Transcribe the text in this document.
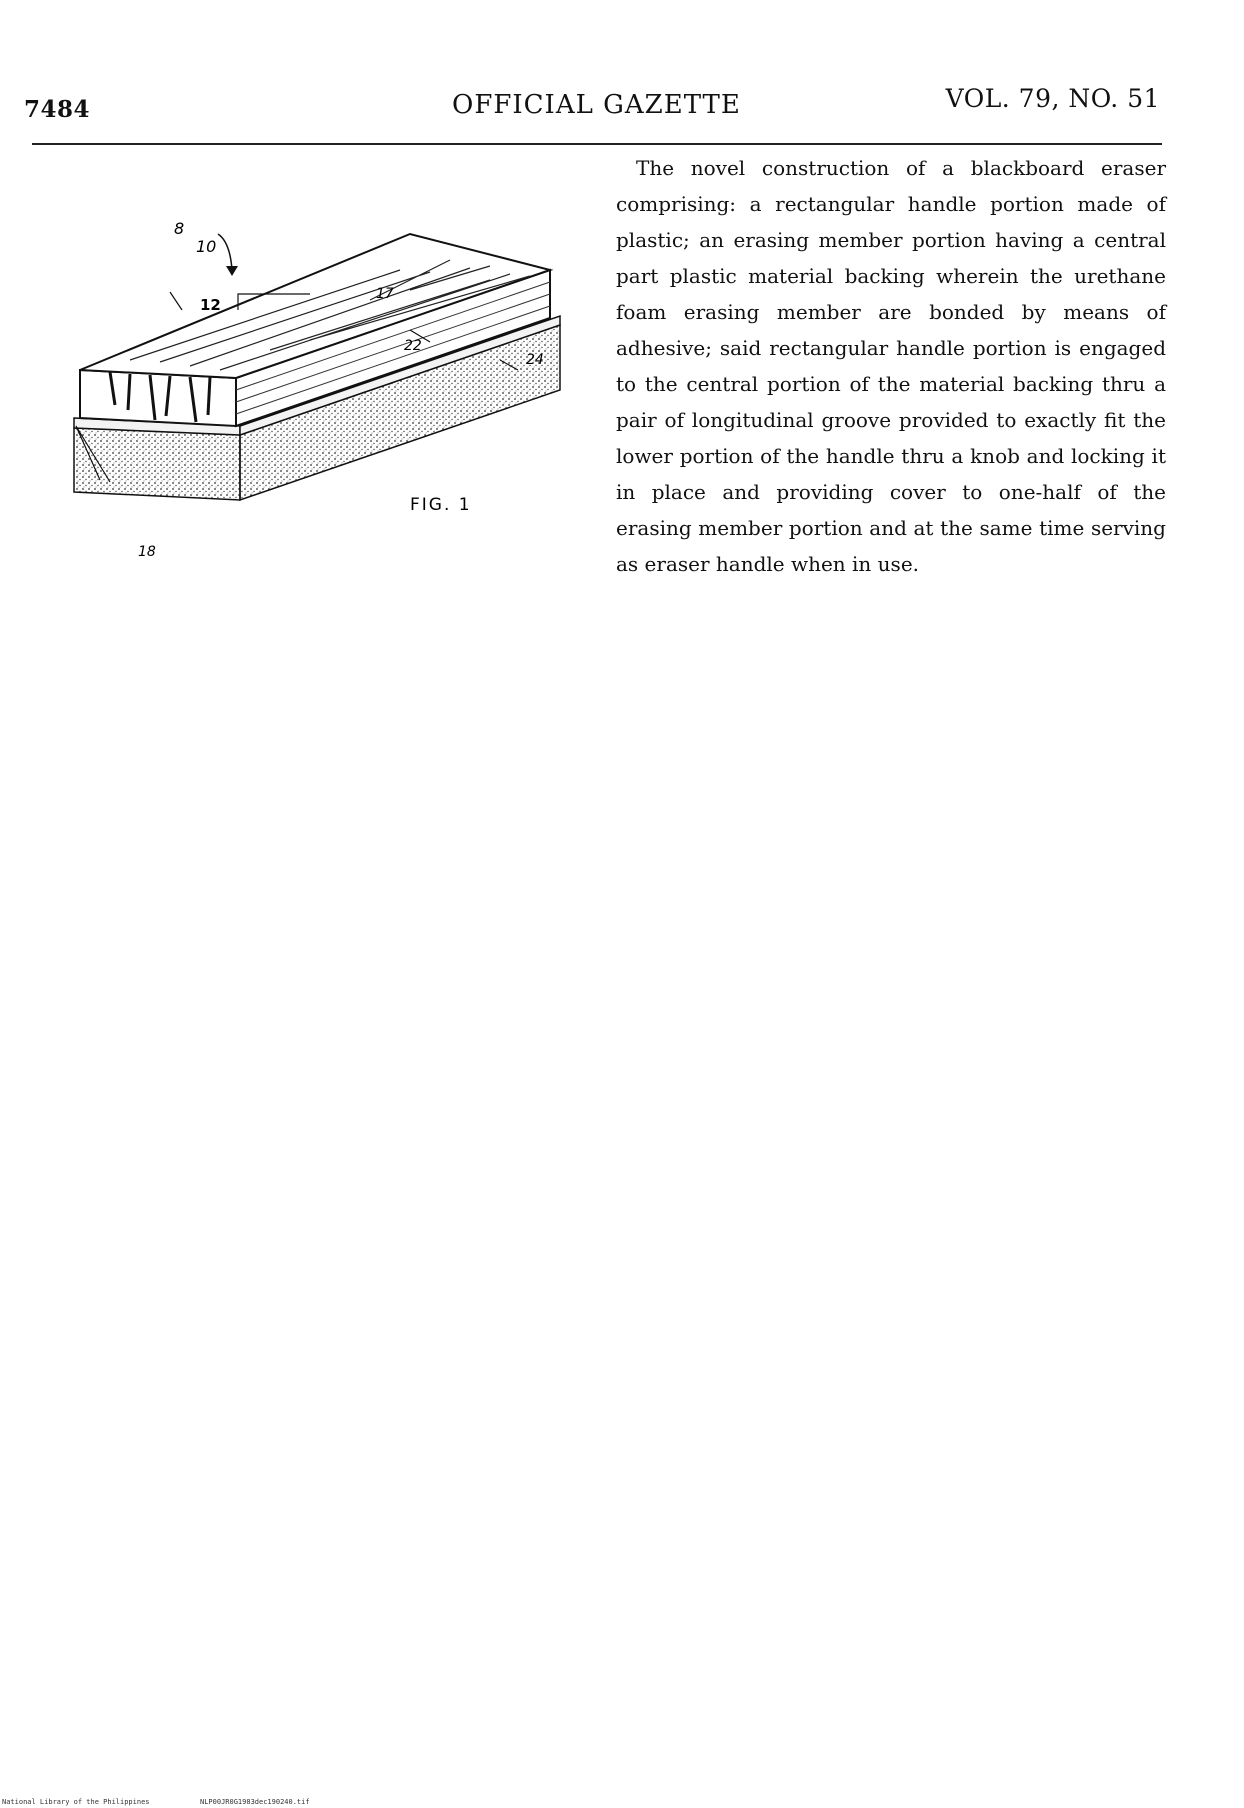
7484	OFFICIAL GAZETTE	VOL. 79, NO. 51
8
10
12
17
22
24
18
FIG. 1

The novel construction of a blackboard eraser comprising: a rectangular handle portion made of plastic; an erasing member portion having a central part plastic material backing wherein the urethane foam erasing member are bonded by means of adhesive; said rectangular handle portion is engaged to the central portion of the material backing thru a pair of longitudinal groove provided to exactly fit the lower portion of the handle thru a knob and locking it in place and providing cover to one-half of the erasing member portion and at the same time serving as eraser handle when in use.

National Library of the Philippines	NLP00JR0G1983dec190240.tif
